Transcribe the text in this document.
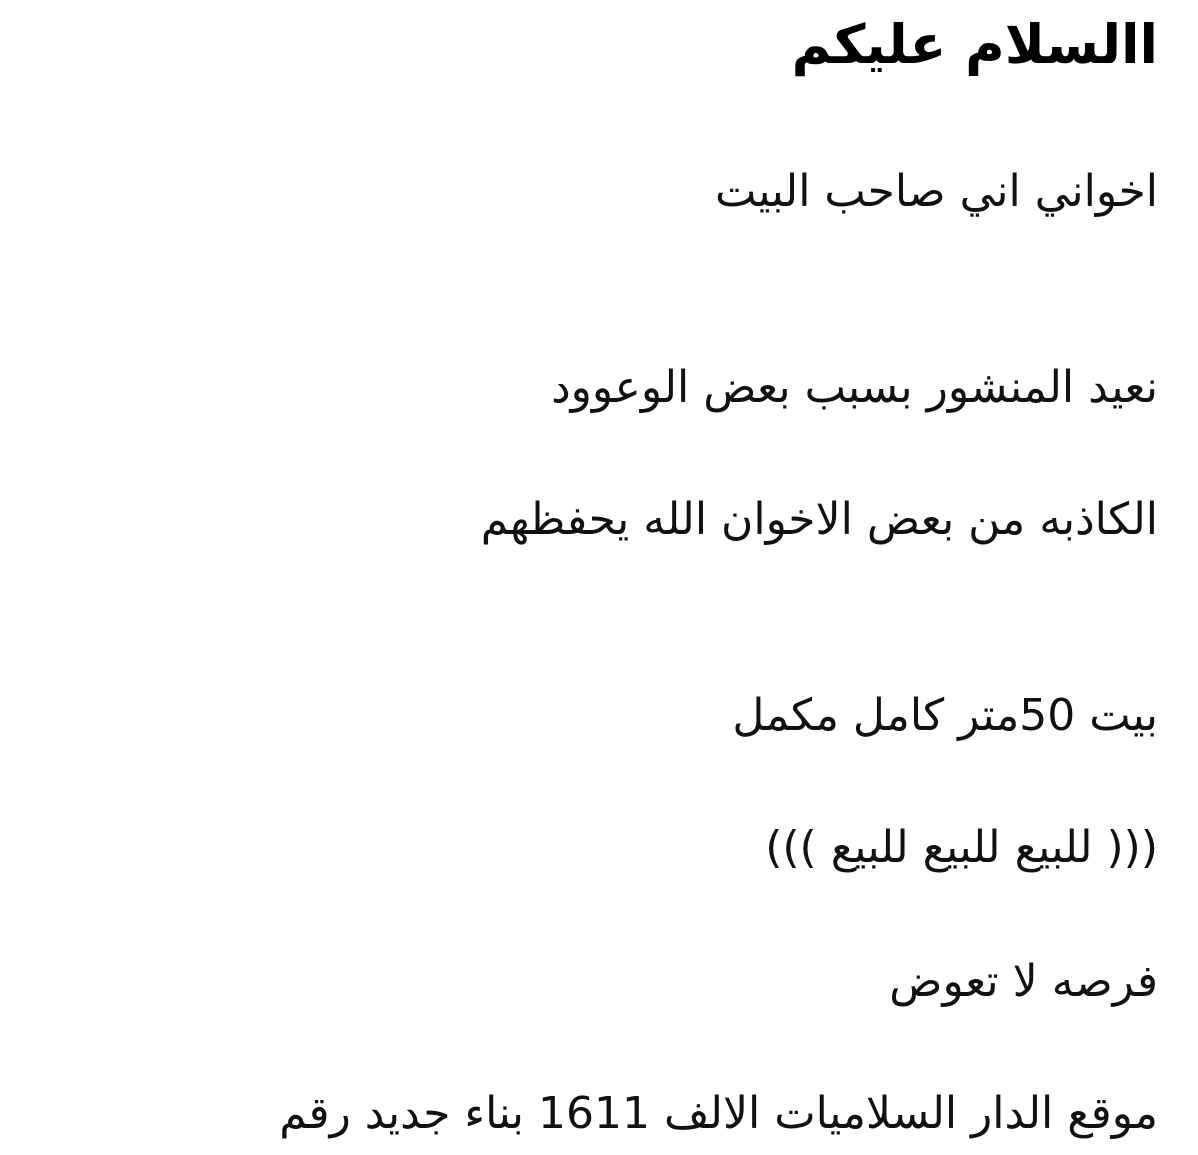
االسلام عليكم

اخواني اني صاحب البيت

نعيد المنشور بسبب بعض الوعوود

الكاذبه من بعض الاخوان الله يحفظهم

بيت 50متر كامل مكمل

((( للبيع للبيع للبيع )))

فرصه لا تعوض

موقع الدار السلاميات الالف 1611 بناء جديد رقم
